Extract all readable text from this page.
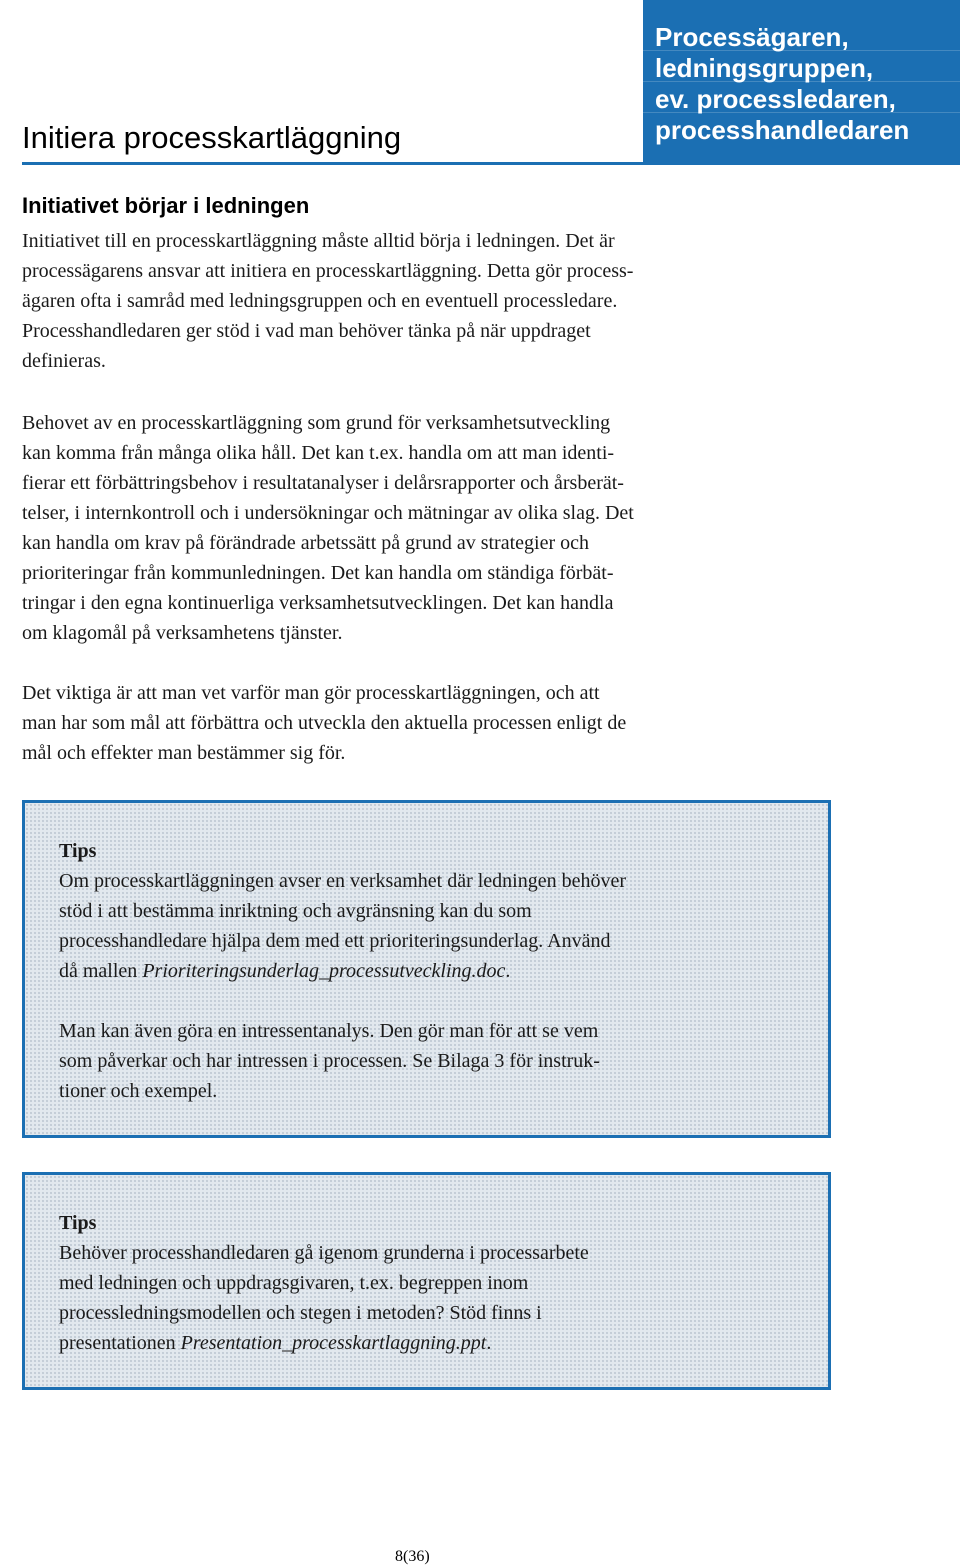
Processägaren,
ledningsgruppen,
ev. processledaren,
processhandledaren
Initiera processkartläggning
Initiativet börjar i ledningen

Initiativet till en processkartläggning måste alltid börja i ledningen. Det är
processägarens ansvar att initiera en processkartläggning. Detta gör process-
ägaren ofta i samråd med ledningsgruppen och en eventuell processledare.
Processhandledaren ger stöd i vad man behöver tänka på när uppdraget
definieras.

Behovet av en processkartläggning som grund för verksamhetsutveckling
kan komma från många olika håll. Det kan t.ex. handla om att man identi-
fierar ett förbättringsbehov i resultatanalyser i delårsrapporter och årsberät-
telser, i internkontroll och i undersökningar och mätningar av olika slag. Det
kan handla om krav på förändrade arbetssätt på grund av strategier och
prioriteringar från kommunledningen. Det kan handla om ständiga förbät-
tringar i den egna kontinuerliga verksamhetsutvecklingen. Det kan handla
om klagomål på verksamhetens tjänster.

Det viktiga är att man vet varför man gör processkartläggningen, och att
man har som mål att förbättra och utveckla den aktuella processen enligt de
mål och effekter man bestämmer sig för.

Tips
Om processkartläggningen avser en verksamhet där ledningen behöver
stöd i att bestämma inriktning och avgränsning kan du som
processhandledare hjälpa dem med ett prioriteringsunderlag. Använd
då mallen Prioriteringsunderlag_processutveckling.doc.
Man kan även göra en intressentanalys. Den gör man för att se vem
som påverkar och har intressen i processen. Se Bilaga 3 för instruk-
tioner och exempel.
Tips
Behöver processhandledaren gå igenom grunderna i processarbete
med ledningen och uppdragsgivaren, t.ex. begreppen inom
processledningsmodellen och stegen i metoden? Stöd finns i
presentationen Presentation_processkartlaggning.ppt.
8(36)
